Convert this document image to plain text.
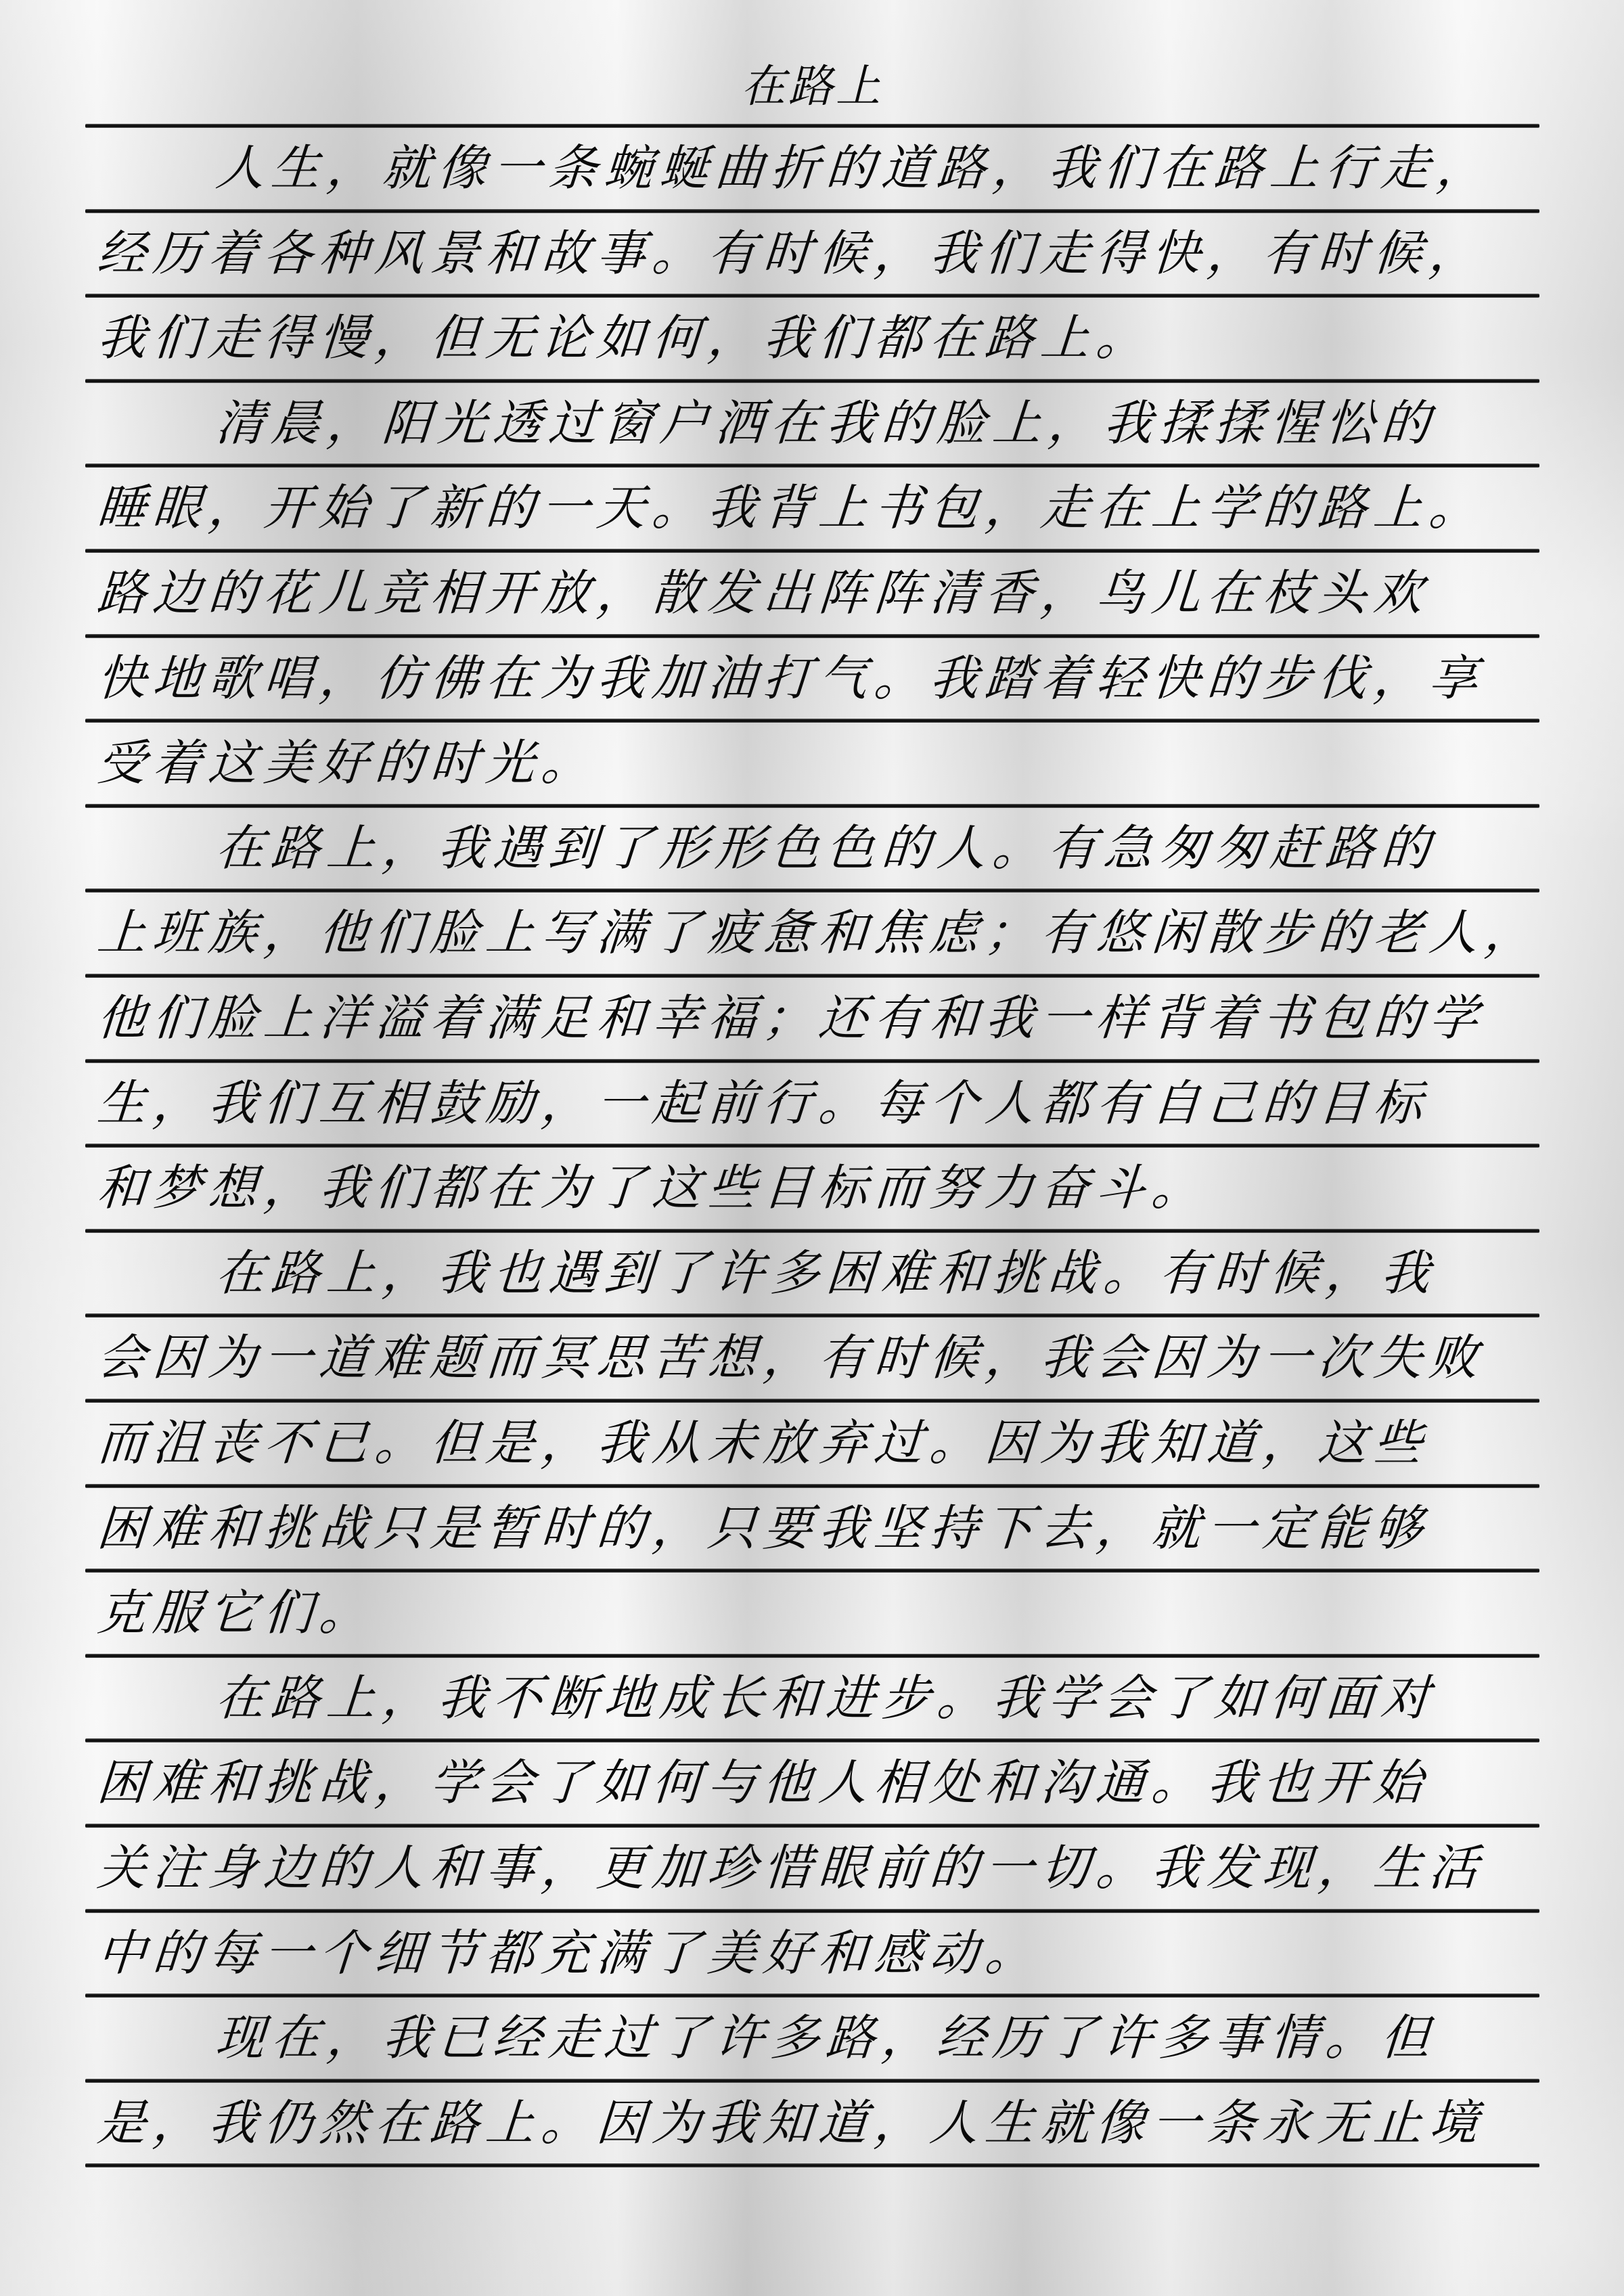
在路上
人生，就像一条蜿蜒曲折的道路，我们在路上行走，
经历着各种风景和故事。有时候，我们走得快，有时候，
我们走得慢，但无论如何，我们都在路上。
清晨，阳光透过窗户洒在我的脸上，我揉揉惺忪的
睡眼，开始了新的一天。我背上书包，走在上学的路上。
路边的花儿竞相开放，散发出阵阵清香，鸟儿在枝头欢
快地歌唱，仿佛在为我加油打气。我踏着轻快的步伐，享
受着这美好的时光。
在路上，我遇到了形形色色的人。有急匆匆赶路的
上班族，他们脸上写满了疲惫和焦虑；有悠闲散步的老人，
他们脸上洋溢着满足和幸福；还有和我一样背着书包的学
生，我们互相鼓励，一起前行。每个人都有自己的目标
和梦想，我们都在为了这些目标而努力奋斗。
在路上，我也遇到了许多困难和挑战。有时候，我
会因为一道难题而冥思苦想，有时候，我会因为一次失败
而沮丧不已。但是，我从未放弃过。因为我知道，这些
困难和挑战只是暂时的，只要我坚持下去，就一定能够
克服它们。
在路上，我不断地成长和进步。我学会了如何面对
困难和挑战，学会了如何与他人相处和沟通。我也开始
关注身边的人和事，更加珍惜眼前的一切。我发现，生活
中的每一个细节都充满了美好和感动。
现在，我已经走过了许多路，经历了许多事情。但
是，我仍然在路上。因为我知道，人生就像一条永无止境
